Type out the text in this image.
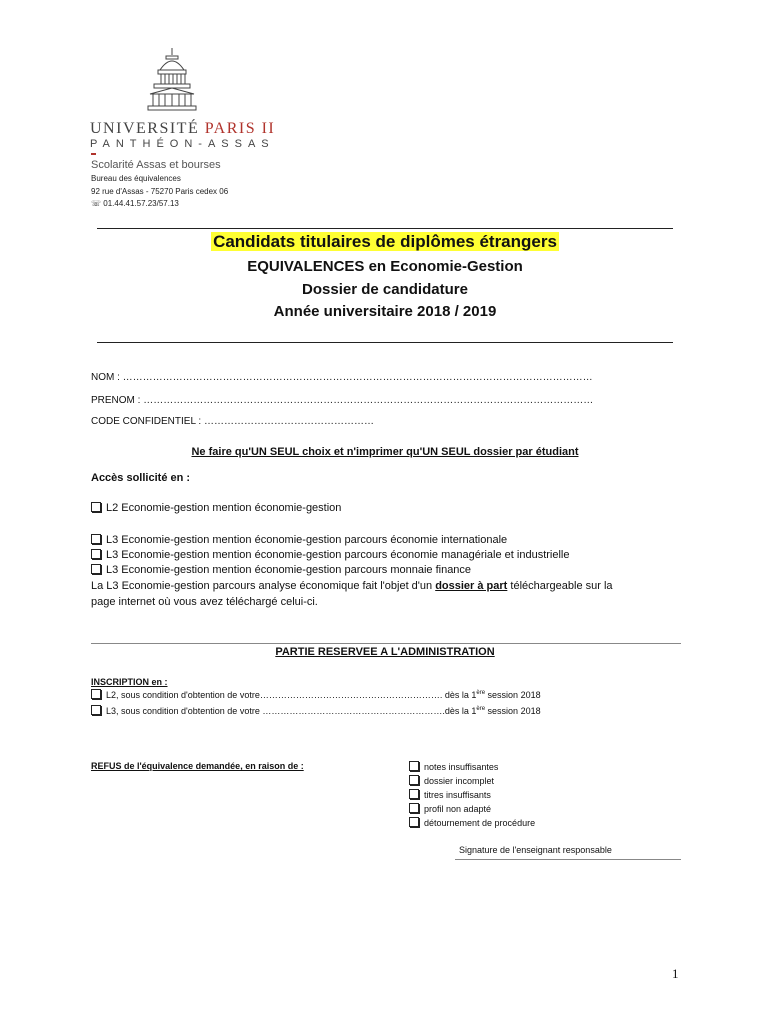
UNIVERSITÉ PARIS II
PANTHÉON-ASSAS
Scolarité Assas et bourses
Bureau des équivalences
92 rue d'Assas - 75270 Paris cedex 06
☏ 01.44.41.57.23/57.13
Candidats titulaires de diplômes étrangers
EQUIVALENCES en Economie-Gestion
Dossier de candidature
Année universitaire 2018 / 2019
NOM : ……………………………………………………………………………………………………………………………
PRENOM : ………………………………………………………………………………………………………………………
CODE CONFIDENTIEL : ……………………………………………
Ne faire qu'UN SEUL choix et n'imprimer qu'UN SEUL dossier par étudiant
Accès sollicité en :
L2 Economie-gestion mention économie-gestion
L3 Economie-gestion mention économie-gestion parcours économie internationale
L3 Economie-gestion mention économie-gestion parcours économie managériale et industrielle
L3 Economie-gestion mention économie-gestion parcours monnaie finance
La L3 Economie-gestion parcours analyse économique fait l'objet d'un dossier à part téléchargeable sur la
page internet où vous avez téléchargé celui-ci.
PARTIE RESERVEE A L'ADMINISTRATION
INSCRIPTION en :
L2, sous condition d'obtention de votre……………………………………………………. dès la 1ère session 2018
L3, sous condition d'obtention de votre …………………………………………………….dès la 1ère session 2018
REFUS de l'équivalence demandée, en raison de :	notes insuffisantes
dossier incomplet
titres insuffisants
profil non adapté
détournement de procédure
Signature de l'enseignant responsable
1
